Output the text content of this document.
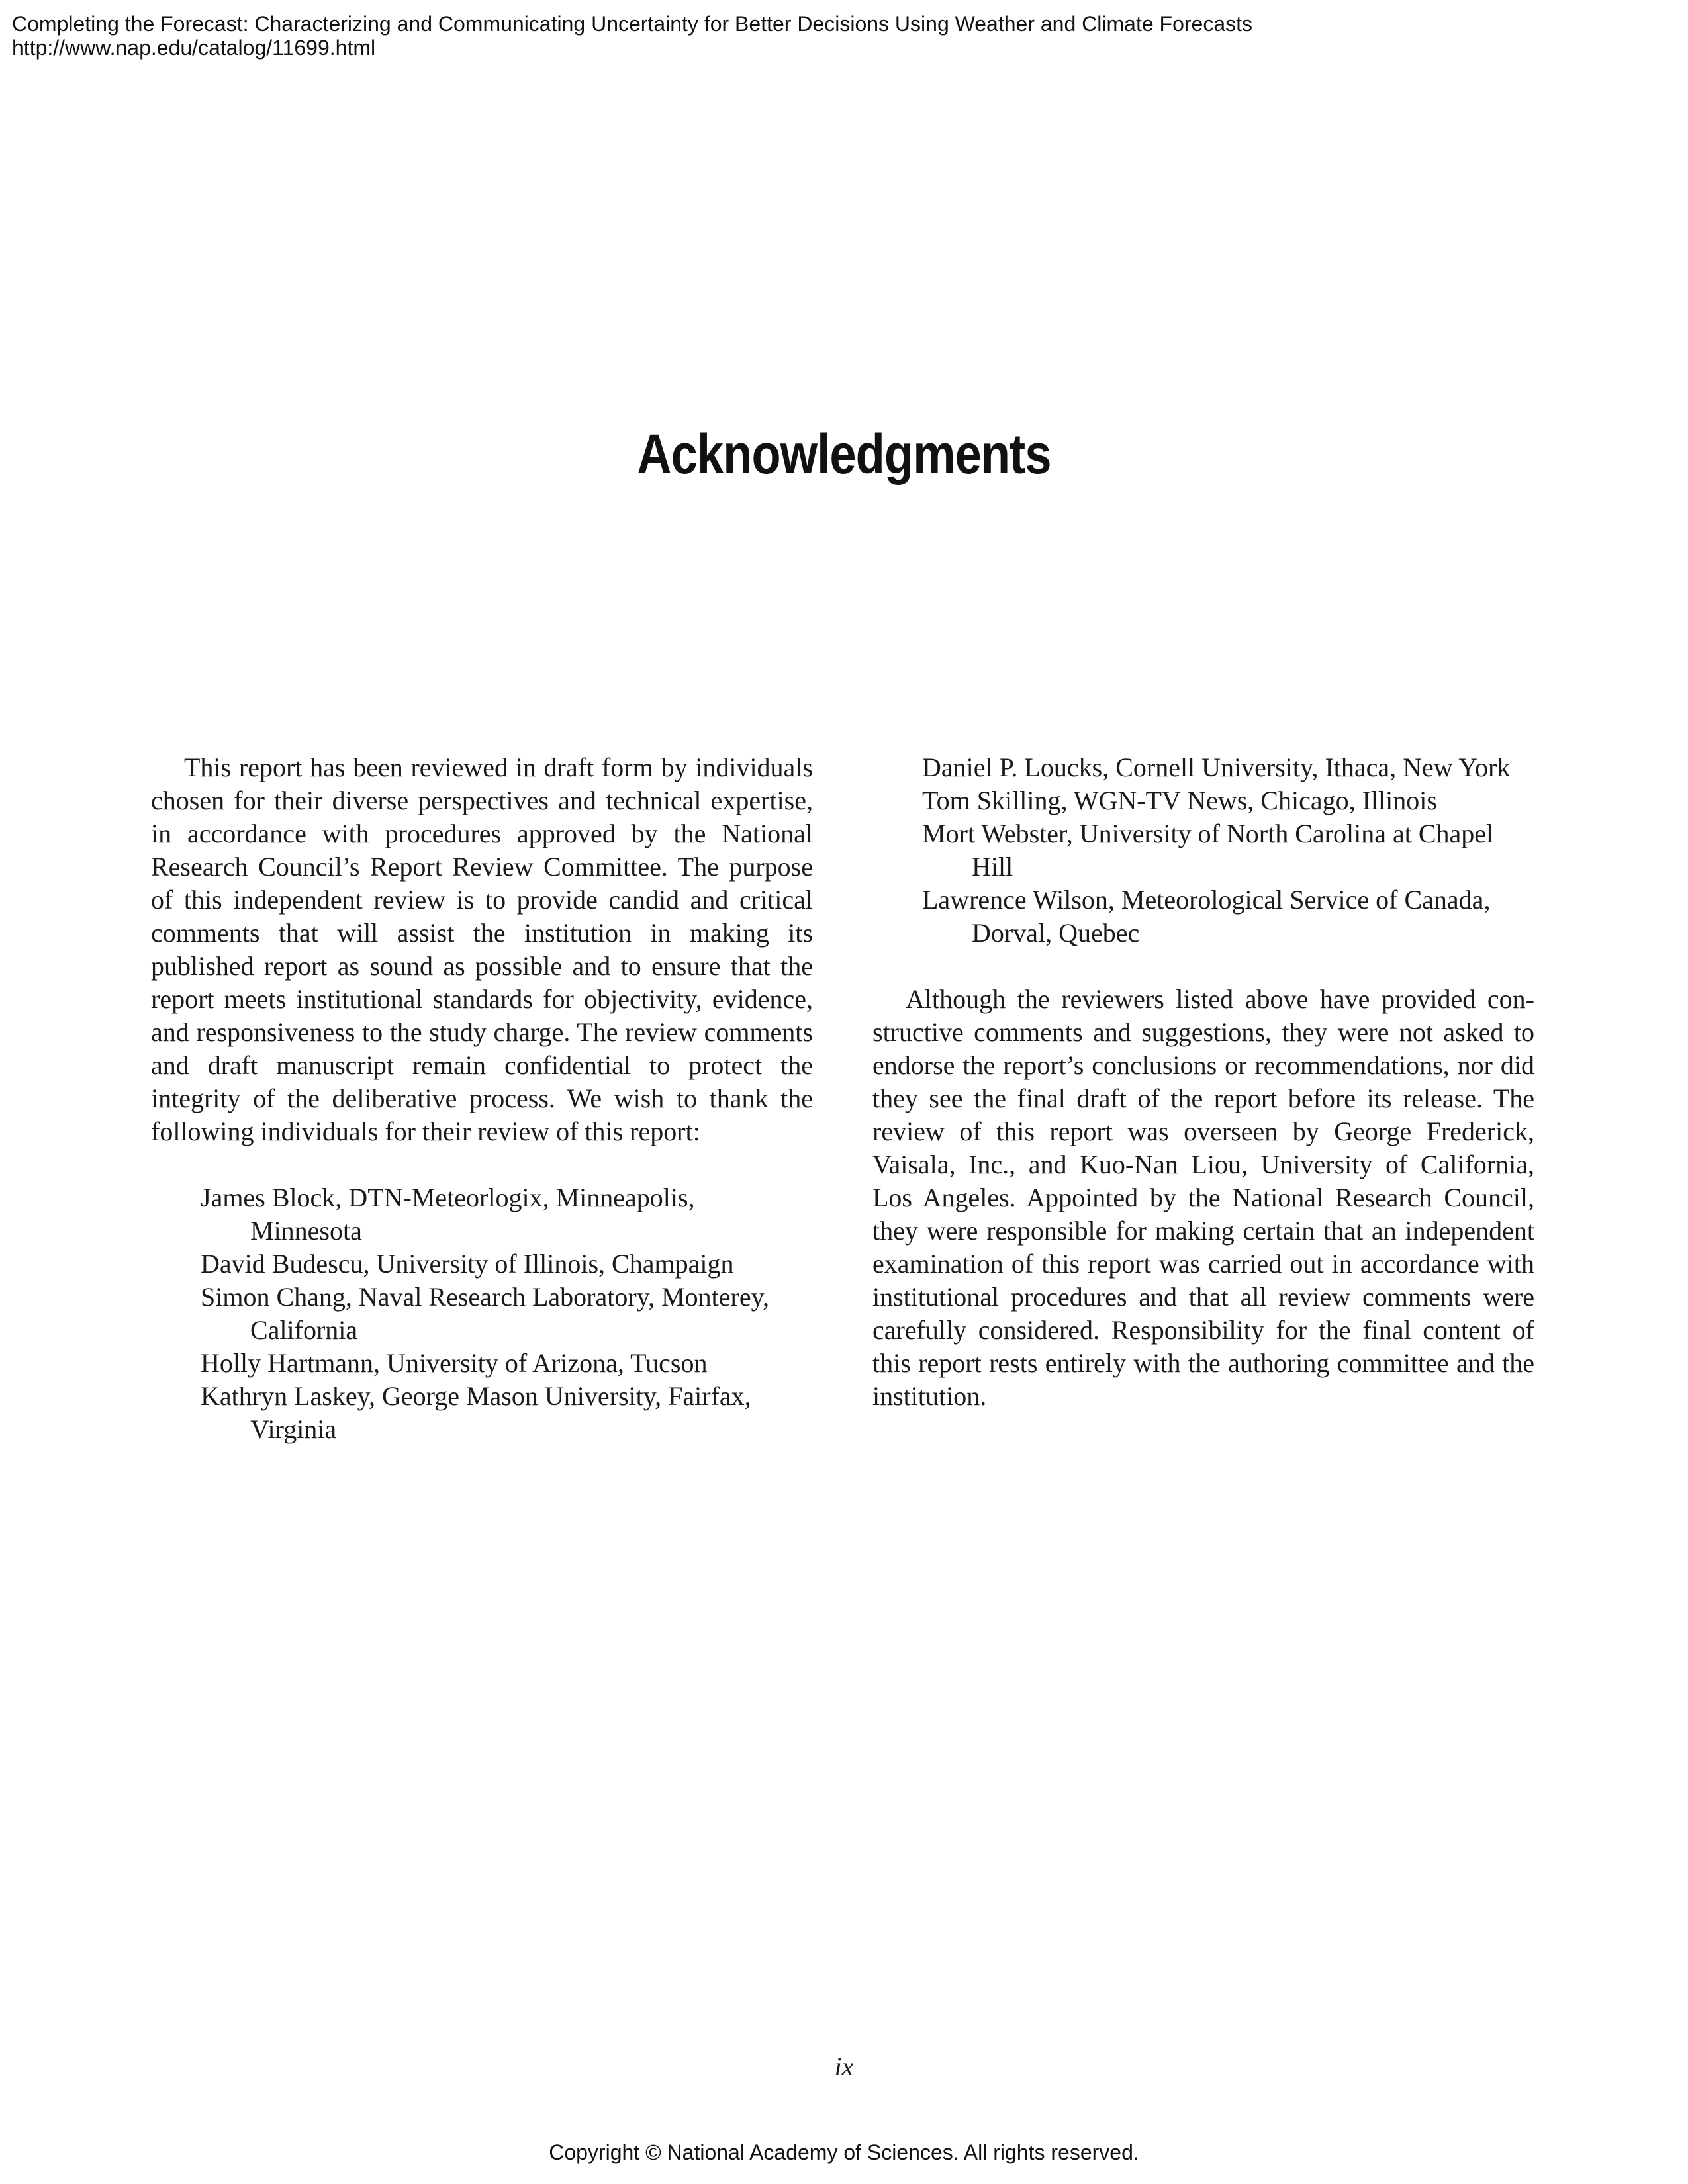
Completing the Forecast: Characterizing and Communicating Uncertainty for Better Decisions Using Weather and Climate Forecasts
http://www.nap.edu/catalog/11699.html
Acknowledgments

This report has been reviewed in draft form by individuals chosen for their diverse perspectives and technical expertise, in accordance with procedures approved by the National Research Council’s Report Review Committee. The purpose of this independent review is to provide candid and critical comments that will assist the institution in making its published report as sound as possible and to ensure that the report meets institutional standards for objectivity, evidence, and responsiveness to the study charge. The review comments and draft manuscript remain confidential to protect the integrity of the deliberative process. We wish to thank the following individuals for their review of this report:

James Block, DTN-Meteorlogix, Minneapolis, Minnesota
David Budescu, University of Illinois, Champaign
Simon Chang, Naval Research Laboratory, Monterey, California
Holly Hartmann, University of Arizona, Tucson
Kathryn Laskey, George Mason University, Fairfax, Virginia
Daniel P. Loucks, Cornell University, Ithaca, New York
Tom Skilling, WGN-TV News, Chicago, Illinois
Mort Webster, University of North Carolina at Chapel Hill
Lawrence Wilson, Meteorological Service of Canada, Dorval, Quebec

Although the reviewers listed above have provided constructive comments and suggestions, they were not asked to endorse the report’s conclusions or recommendations, nor did they see the final draft of the report before its release. The review of this report was overseen by George Frederick, Vaisala, Inc., and Kuo-Nan Liou, University of California, Los Angeles. Appointed by the National Research Council, they were responsible for making certain that an independent examination of this report was carried out in accordance with institutional procedures and that all review comments were carefully considered. Responsibility for the final content of this report rests entirely with the authoring committee and the institution.

ix
Copyright © National Academy of Sciences. All rights reserved.
